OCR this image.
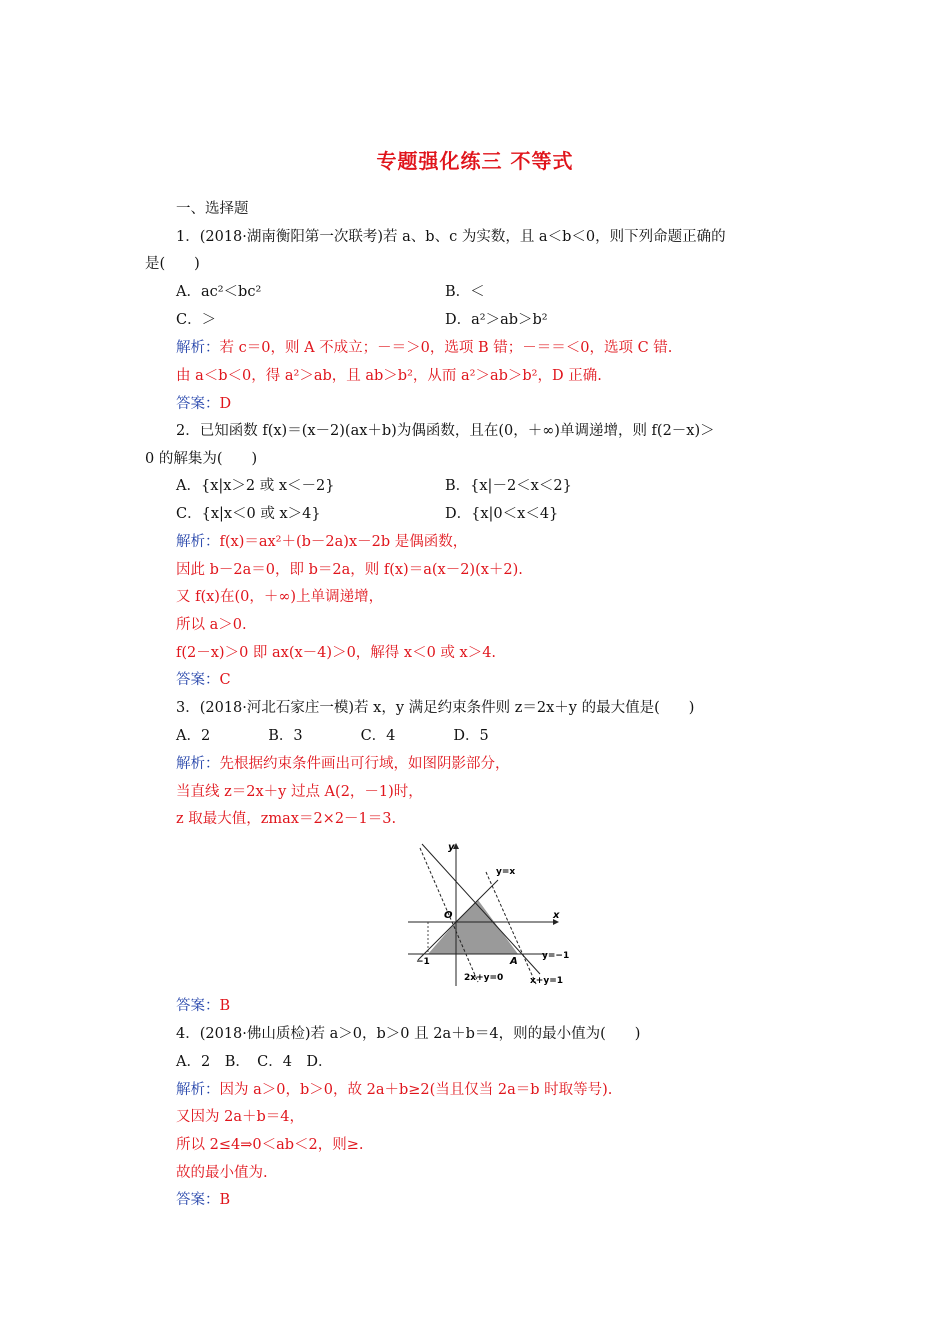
专题强化练三 不等式
一、选择题
1．(2018·湖南衡阳第一次联考)若 a、b、c 为实数，且 a＜b＜0，则下列命题正确的
是(　　)
A．ac²＜bc²	B．＜
C．＞	D．a²＞ab＞b²
解析：若 c＝0，则 A 不成立；－＝＞0，选项 B 错；－＝＝＜0，选项 C 错.
由 a＜b＜0，得 a²＞ab，且 ab＞b²，从而 a²＞ab＞b²，D 正确.
答案：D
2．已知函数 f(x)＝(x－2)(ax＋b)为偶函数，且在(0，＋∞)单调递增，则 f(2－x)＞
0 的解集为(　　)
A．{x|x＞2 或 x＜－2}	B．{x|－2＜x＜2}
C．{x|x＜0 或 x＞4}	D．{x|0＜x＜4}
解析：f(x)＝ax²＋(b－2a)x－2b 是偶函数，
因此 b－2a＝0，即 b＝2a，则 f(x)＝a(x－2)(x＋2).
又 f(x)在(0，＋∞)上单调递增，
所以 a＞0.
f(2－x)＞0 即 ax(x－4)＞0，解得 x＜0 或 x＞4.
答案：C
3．(2018·河北石家庄一模)若 x，y 满足约束条件则 z＝2x＋y 的最大值是(　　)
A．2　　　　B．3　　　　C．4　　　　D．5
解析：先根据约束条件画出可行域，如图阴影部分，
当直线 z＝2x＋y 过点 A(2，－1)时，
z 取最大值，zmax＝2×2－1＝3.
y
x
O
y=x
y=−1
2x+y=0	x+y=1
−1	A
答案：B
4．(2018·佛山质检)若 a＞0，b＞0 且 2a＋b＝4，则的最小值为(　　)
A．2　B．　C．4　D．
解析：因为 a＞0，b＞0，故 2a＋b≥2(当且仅当 2a＝b 时取等号).
又因为 2a＋b＝4，
所以 2≤4⇒0＜ab＜2，则≥.
故的最小值为.
答案：B
